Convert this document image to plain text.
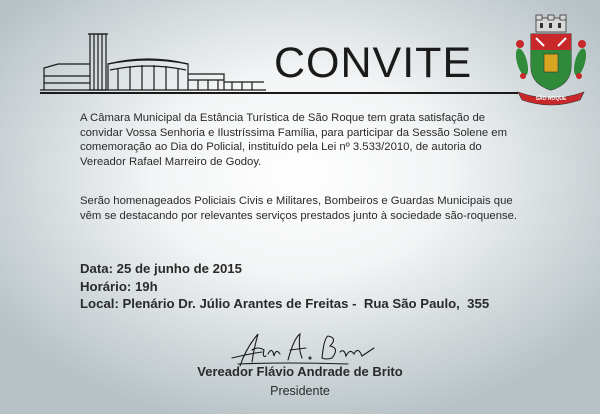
CONVITE
SÃO ROQUE
A Câmara Municipal da Estância Turística de São Roque tem grata satisfação de convidar Vossa Senhoria e Ilustríssima Família, para participar da Sessão Solene em comemoração ao Dia do Policial, instituído pela Lei nº 3.533/2010, de autoria do Vereador Rafael Marreiro de Godoy.
Serão homenageados Policiais Civis e Militares, Bombeiros e Guardas Municipais que vêm se destacando por relevantes serviços prestados junto à sociedade são-roquense.
Data: 25 de junho de 2015
Horário: 19h
Local: Plenário Dr. Júlio Arantes de Freitas -  Rua São Paulo,  355
Vereador Flávio Andrade de Brito
Presidente
